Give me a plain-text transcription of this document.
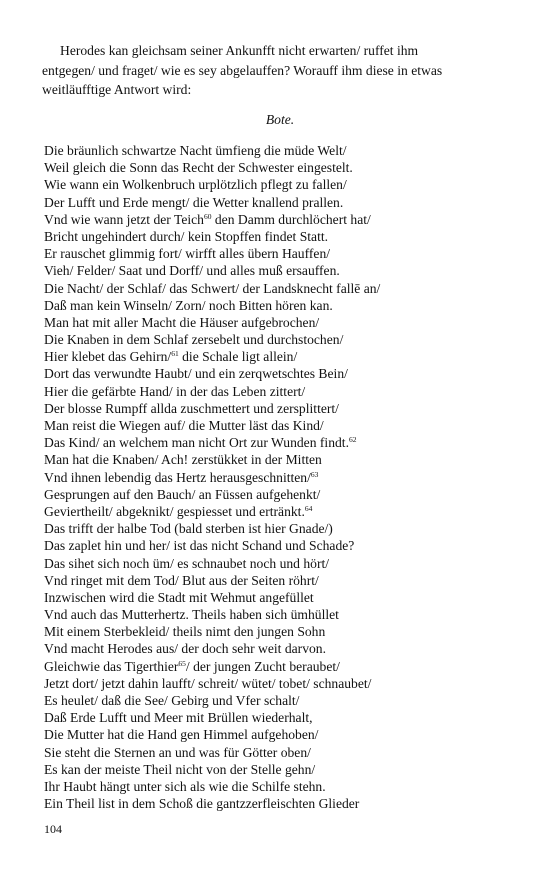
Herodes kan gleichsam seiner Ankunfft nicht erwarten/ ruffet ihm entgegen/ und fraget/ wie es sey abgelauffen? Worauff ihm diese in etwas weitläufftige Antwort wird:

Bote.

Die bräunlich schwartze Nacht ümfieng die müde Welt/
Weil gleich die Sonn das Recht der Schwester eingestelt.
Wie wann ein Wolkenbruch urplötzlich pflegt zu fallen/
Der Lufft und Erde mengt/ die Wetter knallend prallen.
Vnd wie wann jetzt der Teich$^{60}$ den Damm durchlöchert hat/
Bricht ungehindert durch/ kein Stopffen findet Statt.
Er rauschet glimmig fort/ wirfft alles übern Hauffen/
Vieh/ Felder/ Saat und Dorff/ und alles muß ersauffen.
Die Nacht/ der Schlaf/ das Schwert/ der Landsknecht fallē an/
Daß man kein Winseln/ Zorn/ noch Bitten hören kan.
Man hat mit aller Macht die Häuser aufgebrochen/
Die Knaben in dem Schlaf zersebelt und durchstochen/
Hier klebet das Gehirn/$^{61}$ die Schale ligt allein/
Dort das verwundte Haubt/ und ein zerqwetschtes Bein/
Hier die gefärbte Hand/ in der das Leben zittert/
Der blosse Rumpff allda zuschmettert und zersplittert/
Man reist die Wiegen auf/ die Mutter läst das Kind/
Das Kind/ an welchem man nicht Ort zur Wunden findt.$^{62}$
Man hat die Knaben/ Ach! zerstükket in der Mitten
Vnd ihnen lebendig das Hertz herausgeschnitten/$^{63}$
Gesprungen auf den Bauch/ an Füssen aufgehenkt/
Geviertheilt/ abgeknikt/ gespiesset und ertränkt.$^{64}$
Das trifft der halbe Tod (bald sterben ist hier Gnade/)
Das zaplet hin und her/ ist das nicht Schand und Schade?
Das sihet sich noch üm/ es schnaubet noch und hört/
Vnd ringet mit dem Tod/ Blut aus der Seiten röhrt/
Inzwischen wird die Stadt mit Wehmut angefüllet
Vnd auch das Mutterhertz. Theils haben sich ümhüllet
Mit einem Sterbekleid/ theils nimt den jungen Sohn
Vnd macht Herodes aus/ der doch sehr weit darvon.
Gleichwie das Tigerthier$^{65}$/ der jungen Zucht beraubet/
Jetzt dort/ jetzt dahin laufft/ schreit/ wütet/ tobet/ schnaubet/
Es heulet/ daß die See/ Gebirg und Vfer schalt/
Daß Erde Lufft und Meer mit Brüllen wiederhalt,
Die Mutter hat die Hand gen Himmel aufgehoben/
Sie steht die Sternen an und was für Götter oben/
Es kan der meiste Theil nicht von der Stelle gehn/
Ihr Haubt hängt unter sich als wie die Schilfe stehn.
Ein Theil list in dem Schoß die gantzzerfleischten Glieder
104
